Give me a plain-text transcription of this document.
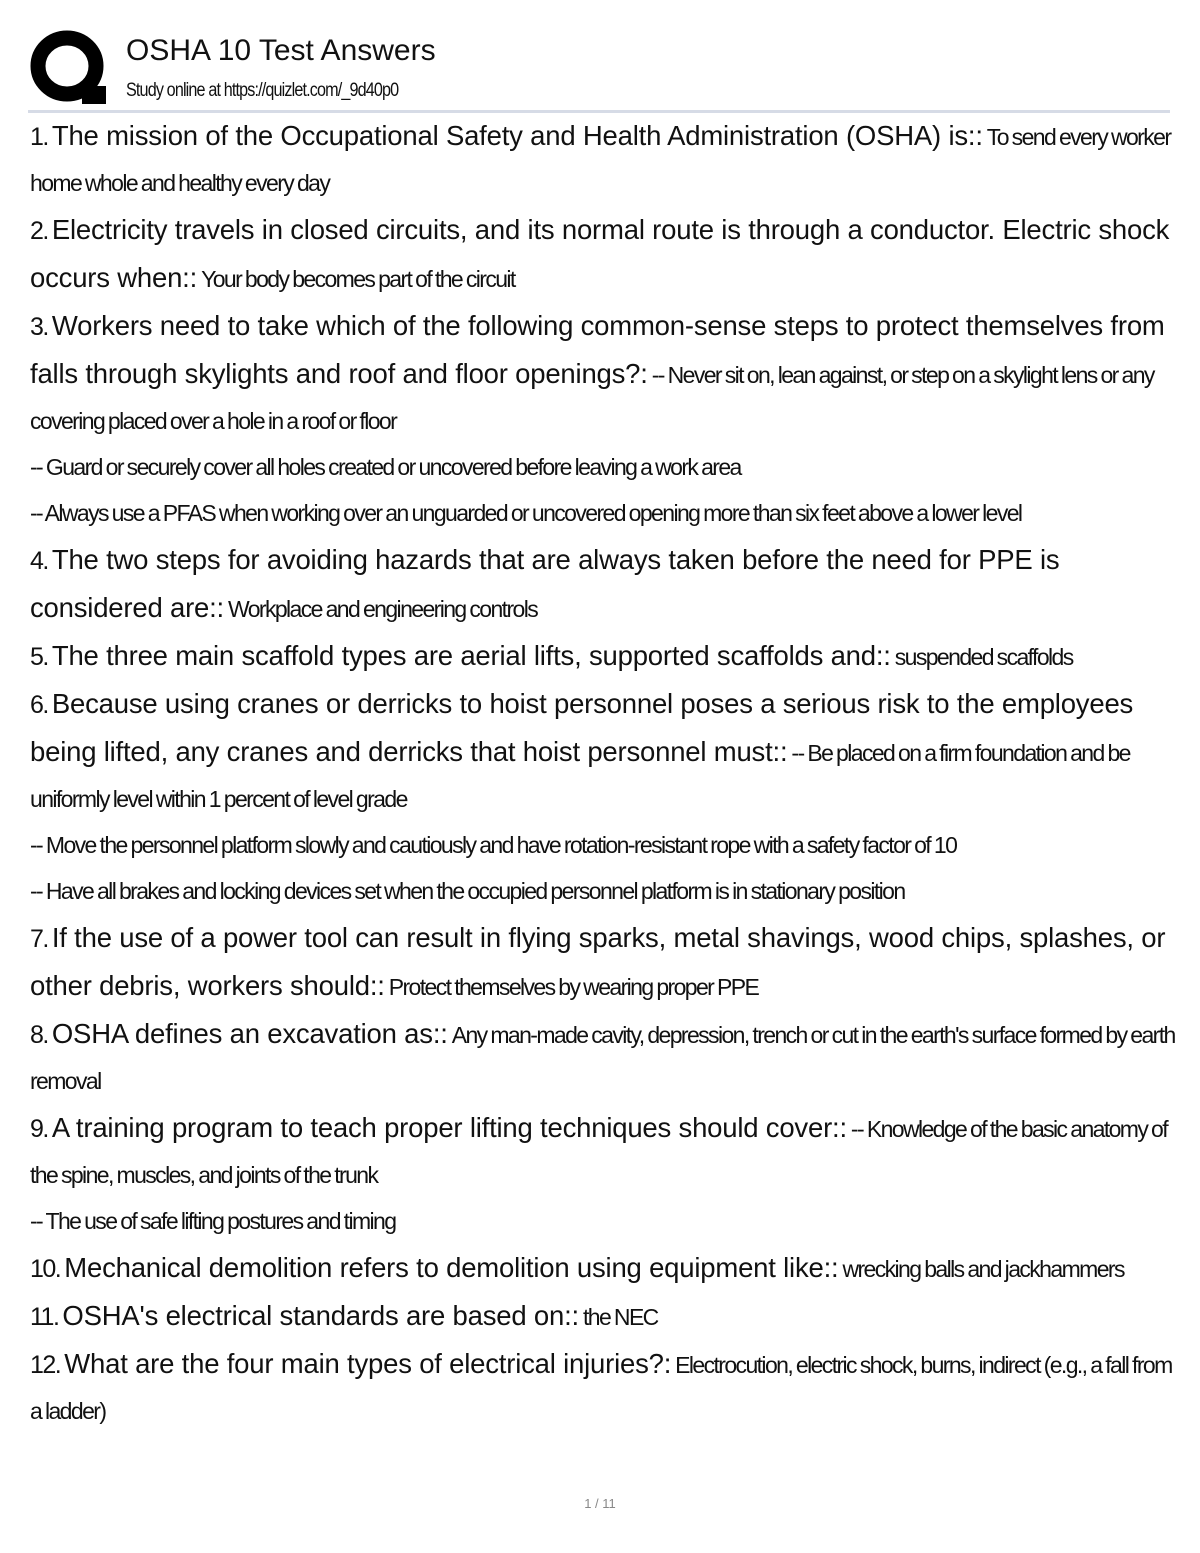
OSHA 10 Test Answers
Study online at https://quizlet.com/_9d40p0
1. The mission of the Occupational Safety and Health Administration (OSHA) is:: To send every worker home whole and healthy every day
2. Electricity travels in closed circuits, and its normal route is through a conductor. Electric shock occurs when:: Your body becomes part of the circuit
3. Workers need to take which of the following common-sense steps to protect themselves from falls through skylights and roof and floor openings?: -- Never sit on, lean against, or step on a skylight lens or any covering placed over a hole in a roof or floor
-- Guard or securely cover all holes created or uncovered before leaving a work area
-- Always use a PFAS when working over an unguarded or uncovered opening more than six feet above a lower level
4. The two steps for avoiding hazards that are always taken before the need for PPE is considered are:: Workplace and engineering controls
5. The three main scaffold types are aerial lifts, supported scaffolds and:: suspended scaffolds
6. Because using cranes or derricks to hoist personnel poses a serious risk to the employees being lifted, any cranes and derricks that hoist personnel must:: -- Be placed on a firm foundation and be uniformly level within 1 percent of level grade
-- Move the personnel platform slowly and cautiously and have rotation-resistant rope with a safety factor of 10
-- Have all brakes and locking devices set when the occupied personnel platform is in stationary position
7. If the use of a power tool can result in flying sparks, metal shavings, wood chips, splashes, or other debris, workers should:: Protect themselves by wearing proper PPE
8. OSHA defines an excavation as:: Any man-made cavity, depression, trench or cut in the earth's surface formed by earth removal
9. A training program to teach proper lifting techniques should cover:: -- Knowledge of the basic anatomy of the spine, muscles, and joints of the trunk
-- The use of safe lifting postures and timing
10. Mechanical demolition refers to demolition using equipment like:: wrecking balls and jackhammers
11. OSHA's electrical standards are based on:: the NEC
12. What are the four main types of electrical injuries?: Electrocution, electric shock, burns, indirect (e.g., a fall from a ladder)
1 / 11
